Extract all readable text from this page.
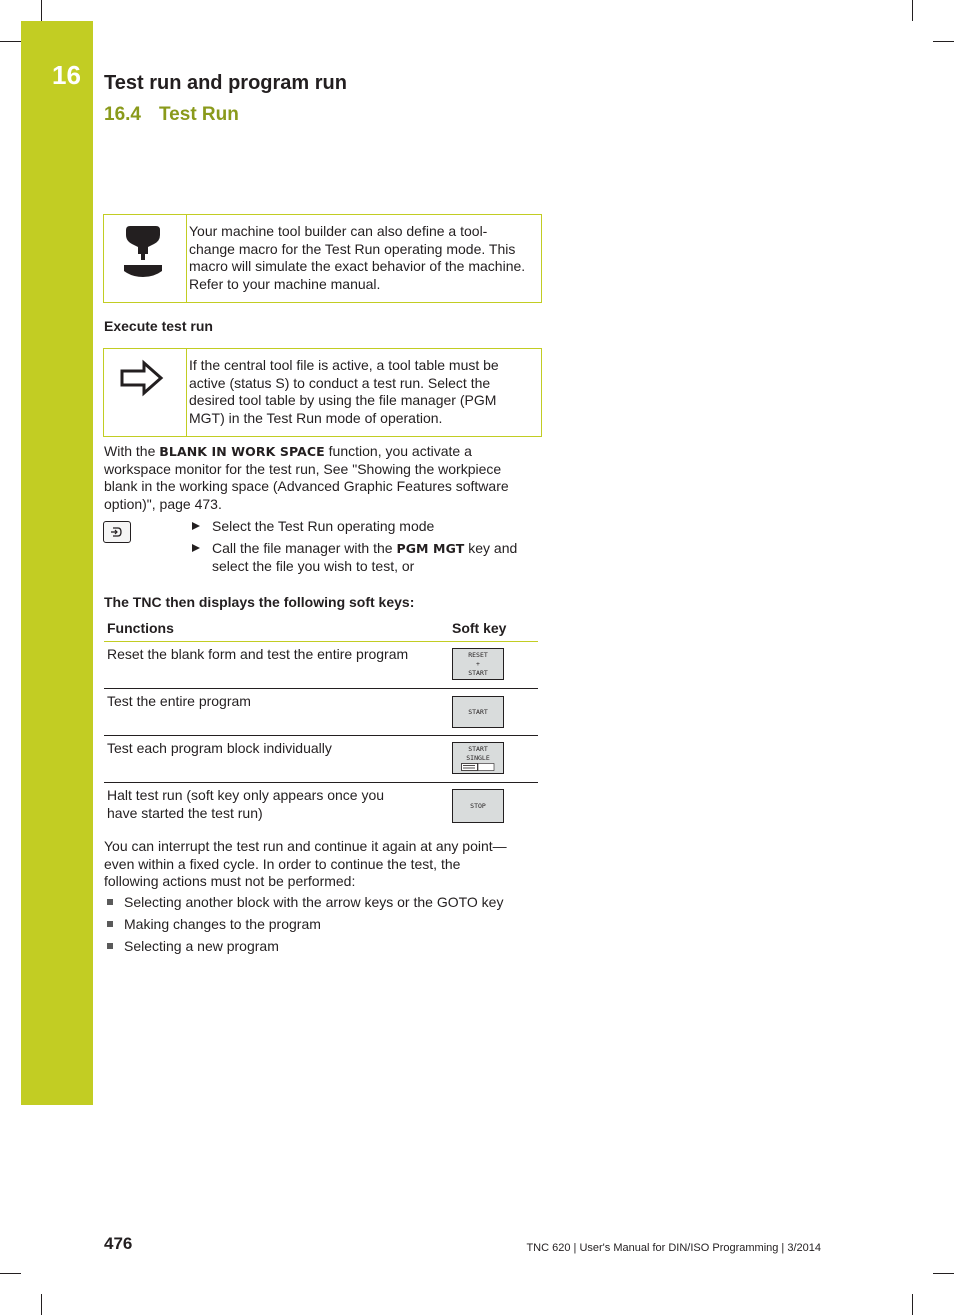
16 Test run and program run
16.4 Test Run
Your machine tool builder can also define a tool-change macro for the Test Run operating mode. This macro will simulate the exact behavior of the machine. Refer to your machine manual.
Execute test run
If the central tool file is active, a tool table must be active (status S) to conduct a test run. Select the desired tool table by using the file manager (PGM MGT) in the Test Run mode of operation.
With the BLANK IN WORK SPACE function, you activate a workspace monitor for the test run, See "Showing the workpiece blank in the working space (Advanced Graphic Features software option)", page 473.
Select the Test Run operating mode
Call the file manager with the PGM MGT key and select the file you wish to test, or
The TNC then displays the following soft keys:
Functions	Soft key
Reset the blank form and test the entire program	RESET
+
START

Test the entire program	START

Test each program block individually	START
SINGLE

Halt test run (soft key only appears once you have started the test run)	STOP
You can interrupt the test run and continue it again at any point—even within a fixed cycle. In order to continue the test, the following actions must not be performed:
Selecting another block with the arrow keys or the GOTO key
Making changes to the program
Selecting a new program
476	TNC 620 | User's Manual for DIN/ISO Programming | 3/2014
